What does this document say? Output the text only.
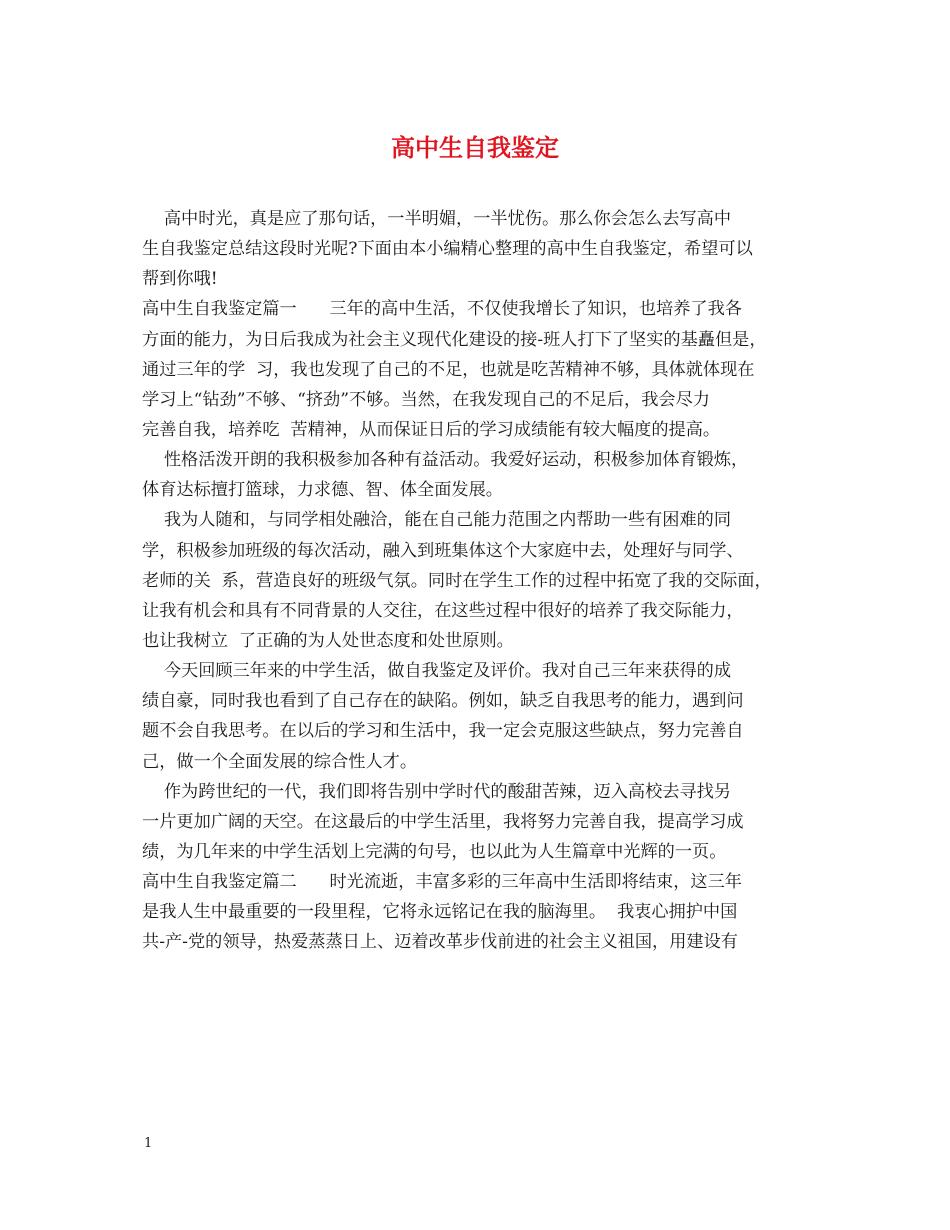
高中生自我鉴定
高中时光，真是应了那句话，一半明媚，一半忧伤。那么你会怎么去写高中
生自我鉴定总结这段时光呢?下面由本小编精心整理的高中生自我鉴定，希望可以
帮到你哦!
高中生自我鉴定篇一      三年的高中生活，不仅使我增长了知识，也培养了我各
方面的能力，为日后我成为社会主义现代化建设的接-班人打下了坚实的基矗但是，
通过三年的学  习，我也发现了自己的不足，也就是吃苦精神不够，具体就体现在
学习上“钻劲”不够、“挤劲”不够。当然，在我发现自己的不足后，我会尽力
完善自我，培养吃  苦精神，从而保证日后的学习成绩能有较大幅度的提高。
性格活泼开朗的我积极参加各种有益活动。我爱好运动，积极参加体育锻炼，
体育达标擅打篮球，力求德、智、体全面发展。
我为人随和，与同学相处融洽，能在自己能力范围之内帮助一些有困难的同
学，积极参加班级的每次活动，融入到班集体这个大家庭中去，处理好与同学、
老师的关  系，营造良好的班级气氛。同时在学生工作的过程中拓宽了我的交际面，
让我有机会和具有不同背景的人交往，在这些过程中很好的培养了我交际能力，
也让我树立  了正确的为人处世态度和处世原则。
今天回顾三年来的中学生活，做自我鉴定及评价。我对自己三年来获得的成
绩自豪，同时我也看到了自己存在的缺陷。例如，缺乏自我思考的能力，遇到问
题不会自我思考。在以后的学习和生活中，我一定会克服这些缺点，努力完善自
己，做一个全面发展的综合性人才。
作为跨世纪的一代，我们即将告别中学时代的酸甜苦辣，迈入高校去寻找另
一片更加广阔的天空。在这最后的中学生活里，我将努力完善自我，提高学习成
绩，为几年来的中学生活划上完满的句号，也以此为人生篇章中光辉的一页。
高中生自我鉴定篇二      时光流逝，丰富多彩的三年高中生活即将结束，这三年
是我人生中最重要的一段里程，它将永远铭记在我的脑海里。  我衷心拥护中国
共-产-党的领导，热爱蒸蒸日上、迈着改革步伐前进的社会主义祖国，用建设有
1
